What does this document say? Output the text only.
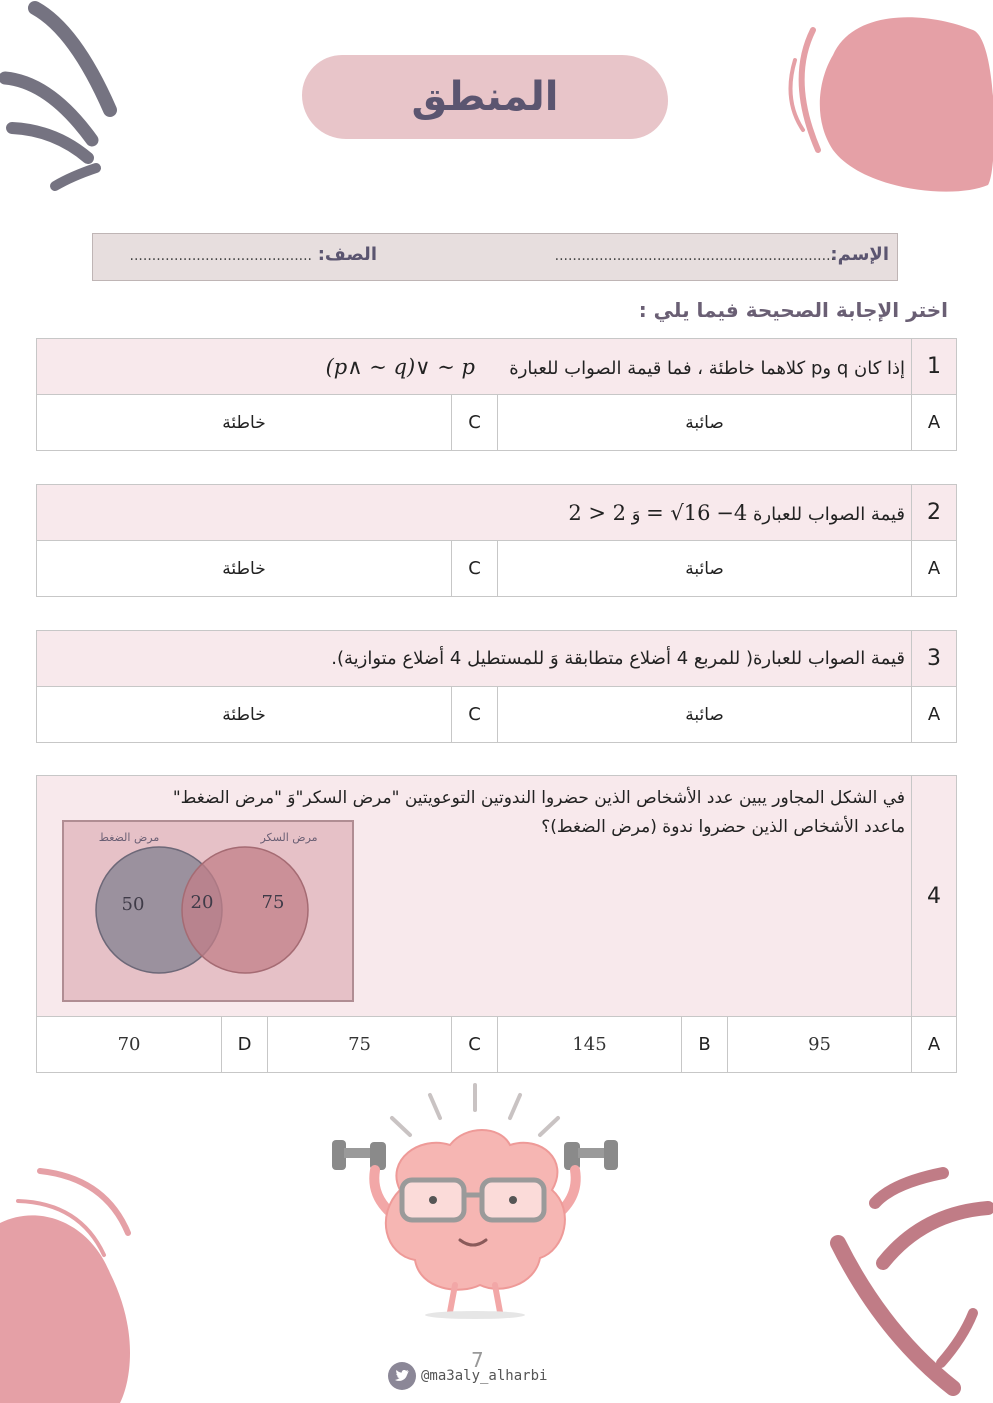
المنطق
الإسم:
...............................................................
الصف:
.........................................
اختر الإجابة الصحيحة فيما يلي :
1	إذا كان q وp كلاهما خاطئة ، فما قيمة الصواب للعبارة      (p∧ ∼ q)∨ ∼ p		
A	صائبة	C	خاطئة
2	قيمة الصواب للعبارة −4 = √16 وَ 2 > 2		
A	صائبة	C	خاطئة
3	قيمة الصواب للعبارة( للمربع 4 أضلاع متطابقة وَ للمستطيل 4 أضلاع متوازية).		
A	صائبة	C	خاطئة
4	في الشكل المجاور يبين عدد الأشخاص الذين حضروا الندوتين التوعويتين "مرض السكر"وَ "مرض الضغط"
ماعدد الأشخاص الذين حضروا ندوة (مرض الضغط)؟						

A	95	B	145	C	75	D	70
مرض الضغط	مرض السكر
50	20	75
7
@ma3aly_alharbi
